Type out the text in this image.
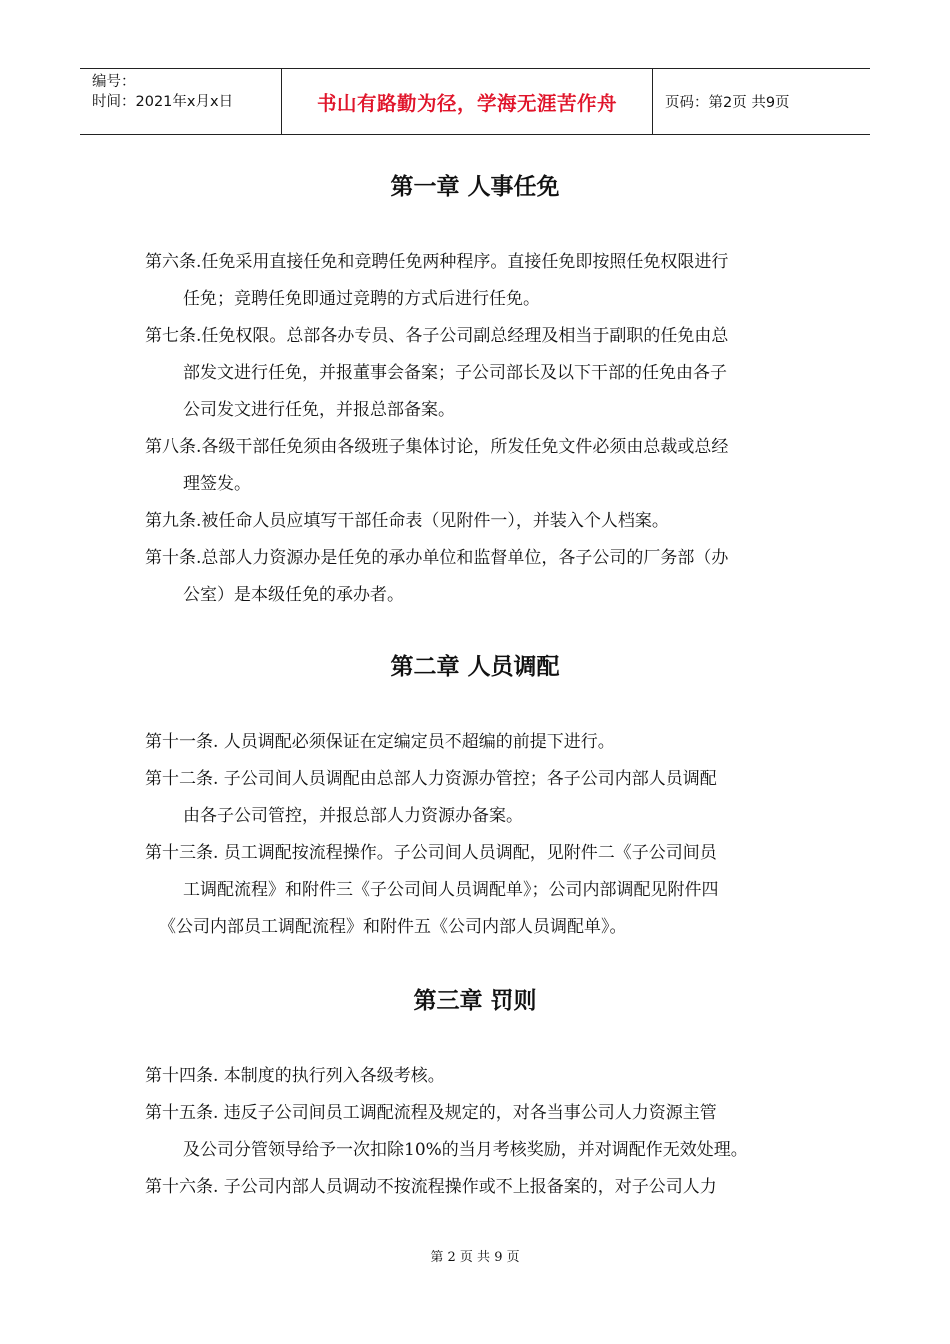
编号：
时间：2021年x月x日	书山有路勤为径，学海无涯苦作舟	页码：第2页 共9页
第一章 人事任免
第六条.任免采用直接任免和竞聘任免两种程序。直接任免即按照任免权限进行
任免；竞聘任免即通过竞聘的方式后进行任免。
第七条.任免权限。总部各办专员、各子公司副总经理及相当于副职的任免由总
部发文进行任免，并报董事会备案；子公司部长及以下干部的任免由各子
公司发文进行任免，并报总部备案。
第八条.各级干部任免须由各级班子集体讨论，所发任免文件必须由总裁或总经
理签发。
第九条.被任命人员应填写干部任命表（见附件一），并装入个人档案。
第十条.总部人力资源办是任免的承办单位和监督单位，各子公司的厂务部（办
公室）是本级任免的承办者。
第二章 人员调配
第十一条. 人员调配必须保证在定编定员不超编的前提下进行。
第十二条. 子公司间人员调配由总部人力资源办管控；各子公司内部人员调配
由各子公司管控，并报总部人力资源办备案。
第十三条. 员工调配按流程操作。子公司间人员调配，见附件二《子公司间员
工调配流程》和附件三《子公司间人员调配单》；公司内部调配见附件四
《公司内部员工调配流程》和附件五《公司内部人员调配单》。
第三章 罚则
第十四条. 本制度的执行列入各级考核。
第十五条. 违反子公司间员工调配流程及规定的，对各当事公司人力资源主管
及公司分管领导给予一次扣除10%的当月考核奖励，并对调配作无效处理。
第十六条. 子公司内部人员调动不按流程操作或不上报备案的，对子公司人力
第 2 页 共 9 页
